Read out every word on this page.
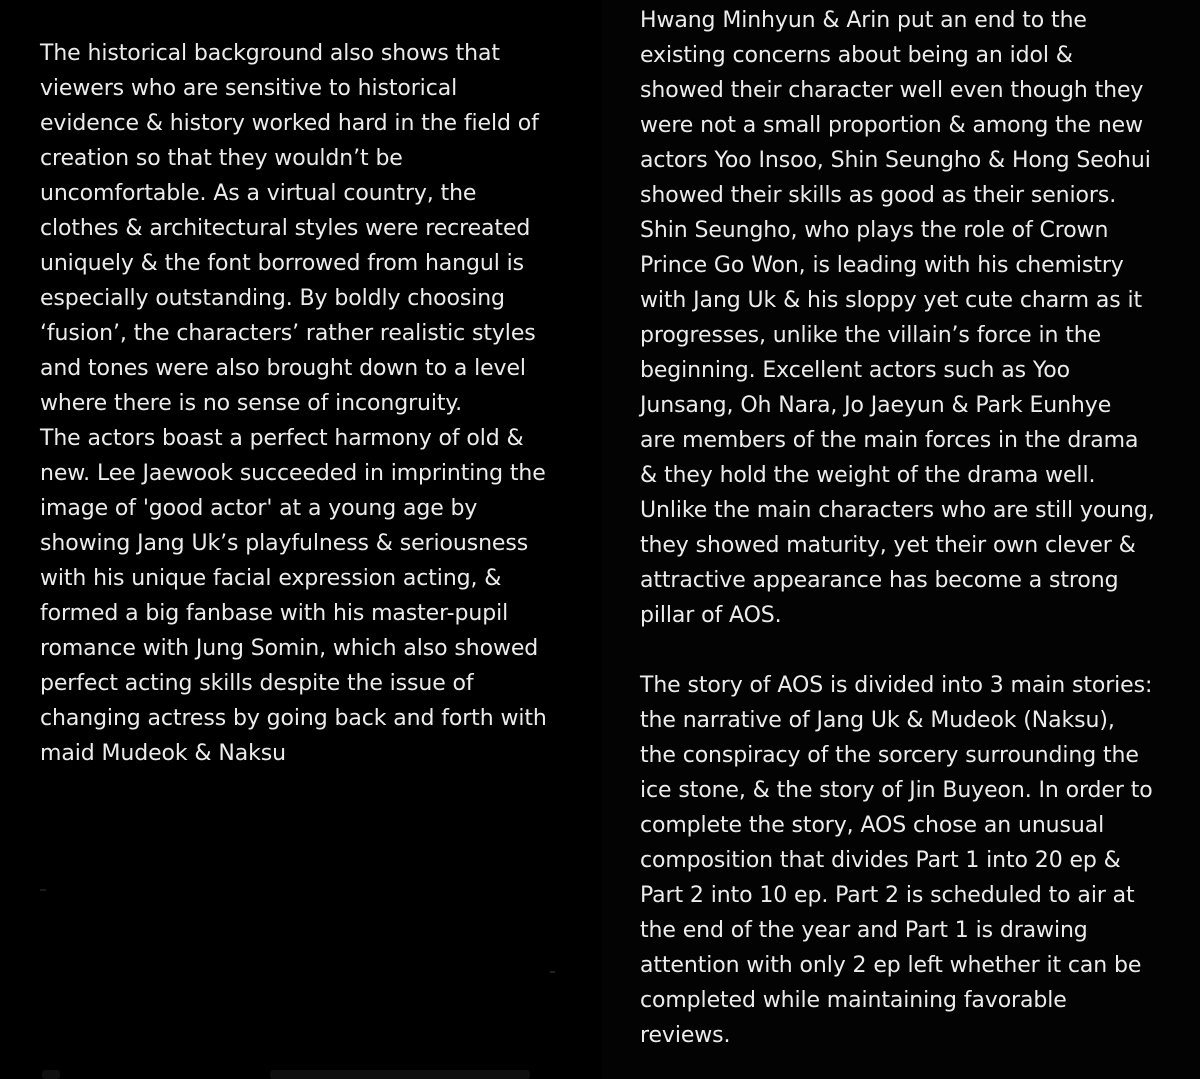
The historical background also shows that
viewers who are sensitive to historical
evidence & history worked hard in the field of
creation so that they wouldn’t be
uncomfortable. As a virtual country, the
clothes & architectural styles were recreated
uniquely & the font borrowed from hangul is
especially outstanding. By boldly choosing
‘fusion’, the characters’ rather realistic styles
and tones were also brought down to a level
where there is no sense of incongruity.
The actors boast a perfect harmony of old &
new. Lee Jaewook succeeded in imprinting the
image of 'good actor' at a young age by
showing Jang Uk’s playfulness & seriousness
with his unique facial expression acting, &
formed a big fanbase with his master-pupil
romance with Jung Somin, which also showed
perfect acting skills despite the issue of
changing actress by going back and forth with
maid Mudeok & Naksu
Hwang Minhyun & Arin put an end to the
existing concerns about being an idol &
showed their character well even though they
were not a small proportion & among the new
actors Yoo Insoo, Shin Seungho & Hong Seohui
showed their skills as good as their seniors.
Shin Seungho, who plays the role of Crown
Prince Go Won, is leading with his chemistry
with Jang Uk & his sloppy yet cute charm as it
progresses, unlike the villain’s force in the
beginning. Excellent actors such as Yoo
Junsang, Oh Nara, Jo Jaeyun & Park Eunhye
are members of the main forces in the drama
& they hold the weight of the drama well.
Unlike the main characters who are still young,
they showed maturity, yet their own clever &
attractive appearance has become a strong
pillar of AOS.
The story of AOS is divided into 3 main stories:
the narrative of Jang Uk & Mudeok (Naksu),
the conspiracy of the sorcery surrounding the
ice stone, & the story of Jin Buyeon. In order to
complete the story, AOS chose an unusual
composition that divides Part 1 into 20 ep &
Part 2 into 10 ep. Part 2 is scheduled to air at
the end of the year and Part 1 is drawing
attention with only 2 ep left whether it can be
completed while maintaining favorable
reviews.
